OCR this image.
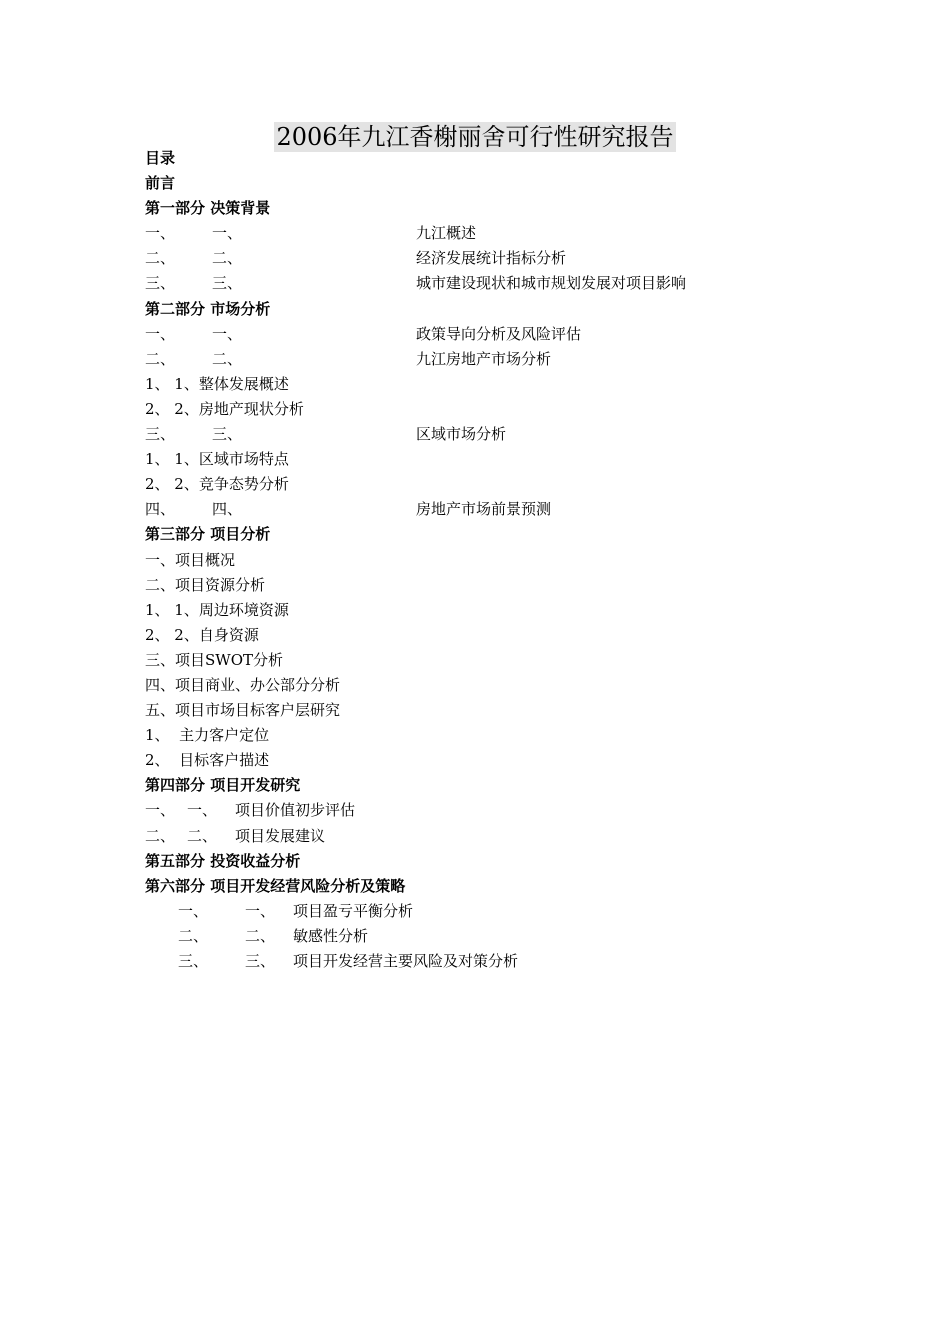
2006年九江香榭丽舍可行性研究报告
目录
前言
第一部分 决策背景
一、 一、	九江概述
二、 二、	经济发展统计指标分析
三、 三、	城市建设现状和城市规划发展对项目影响
第二部分 市场分析
一、 一、	政策导向分析及风险评估
二、 二、	九江房地产市场分析
1、 1、整体发展概述
2、 2、房地产现状分析
三、 三、	区域市场分析
1、 1、区域市场特点
2、 2、竞争态势分析
四、 四、	房地产市场前景预测
第三部分 项目分析
一、项目概况
二、项目资源分析
1、 1、周边环境资源
2、 2、自身资源
三、项目SWOT分析
四、项目商业、办公部分分析
五、项目市场目标客户层研究
1、  主力客户定位
2、  目标客户描述
第四部分 项目开发研究
一、 一、 项目价值初步评估
二、 二、 项目发展建议
第五部分 投资收益分析
第六部分 项目开发经营风险分析及策略
一、 一、 项目盈亏平衡分析
二、 二、 敏感性分析
三、 三、 项目开发经营主要风险及对策分析
